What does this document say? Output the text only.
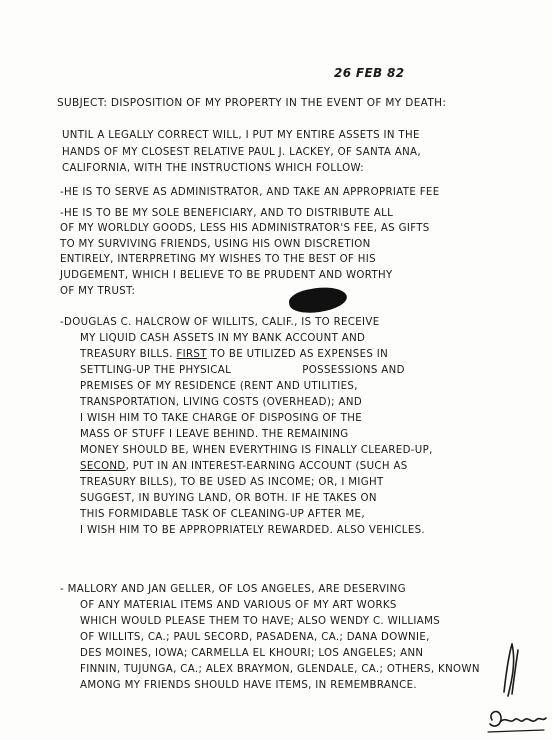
26 FEB 82
SUBJECT: DISPOSITION OF MY PROPERTY IN THE EVENT OF MY DEATH:
UNTIL A LEGALLY CORRECT WILL, I PUT MY ENTIRE ASSETS IN THE
HANDS OF MY CLOSEST RELATIVE PAUL J. LACKEY, OF SANTA ANA,
CALIFORNIA, WITH THE INSTRUCTIONS WHICH FOLLOW:
-HE IS TO SERVE AS ADMINISTRATOR, AND TAKE AN APPROPRIATE FEE
-HE IS TO BE MY SOLE BENEFICIARY, AND TO DISTRIBUTE ALL
OF MY WORLDLY GOODS, LESS HIS ADMINISTRATOR'S FEE, AS GIFTS
TO MY SURVIVING FRIENDS, USING HIS OWN DISCRETION
ENTIRELY, INTERPRETING MY WISHES TO THE BEST OF HIS
JUDGEMENT, WHICH I BELIEVE TO BE PRUDENT AND WORTHY
OF MY TRUST:
-DOUGLAS C. HALCROW OF WILLITS, CALIF., IS TO RECEIVE
MY LIQUID CASH ASSETS IN MY BANK ACCOUNT AND
TREASURY BILLS. FIRST TO BE UTILIZED AS EXPENSES IN
SETTLING-UP THE PHYSICAL	POSSESSIONS AND
PREMISES OF MY RESIDENCE (RENT AND UTILITIES,
TRANSPORTATION, LIVING COSTS (OVERHEAD); AND
I WISH HIM TO TAKE CHARGE OF DISPOSING OF THE
MASS OF STUFF I LEAVE BEHIND. THE REMAINING
MONEY SHOULD BE, WHEN EVERYTHING IS FINALLY CLEARED-UP,
SECOND, PUT IN AN INTEREST-EARNING ACCOUNT (SUCH AS
TREASURY BILLS), TO BE USED AS INCOME; OR, I MIGHT
SUGGEST, IN BUYING LAND, OR BOTH. IF HE TAKES ON
THIS FORMIDABLE TASK OF CLEANING-UP AFTER ME,
I WISH HIM TO BE APPROPRIATELY REWARDED. ALSO VEHICLES.
- MALLORY AND JAN GELLER, OF LOS ANGELES, ARE DESERVING
OF ANY MATERIAL ITEMS AND VARIOUS OF MY ART WORKS
WHICH WOULD PLEASE THEM TO HAVE; ALSO WENDY C. WILLIAMS
OF WILLITS, CA.; PAUL SECORD, PASADENA, CA.; DANA DOWNIE,
DES MOINES, IOWA; CARMELLA EL KHOURI; LOS ANGELES; ANN
FINNIN, TUJUNGA, CA.; ALEX BRAYMON, GLENDALE, CA.; OTHERS, KNOWN
AMONG MY FRIENDS SHOULD HAVE ITEMS, IN REMEMBRANCE.
